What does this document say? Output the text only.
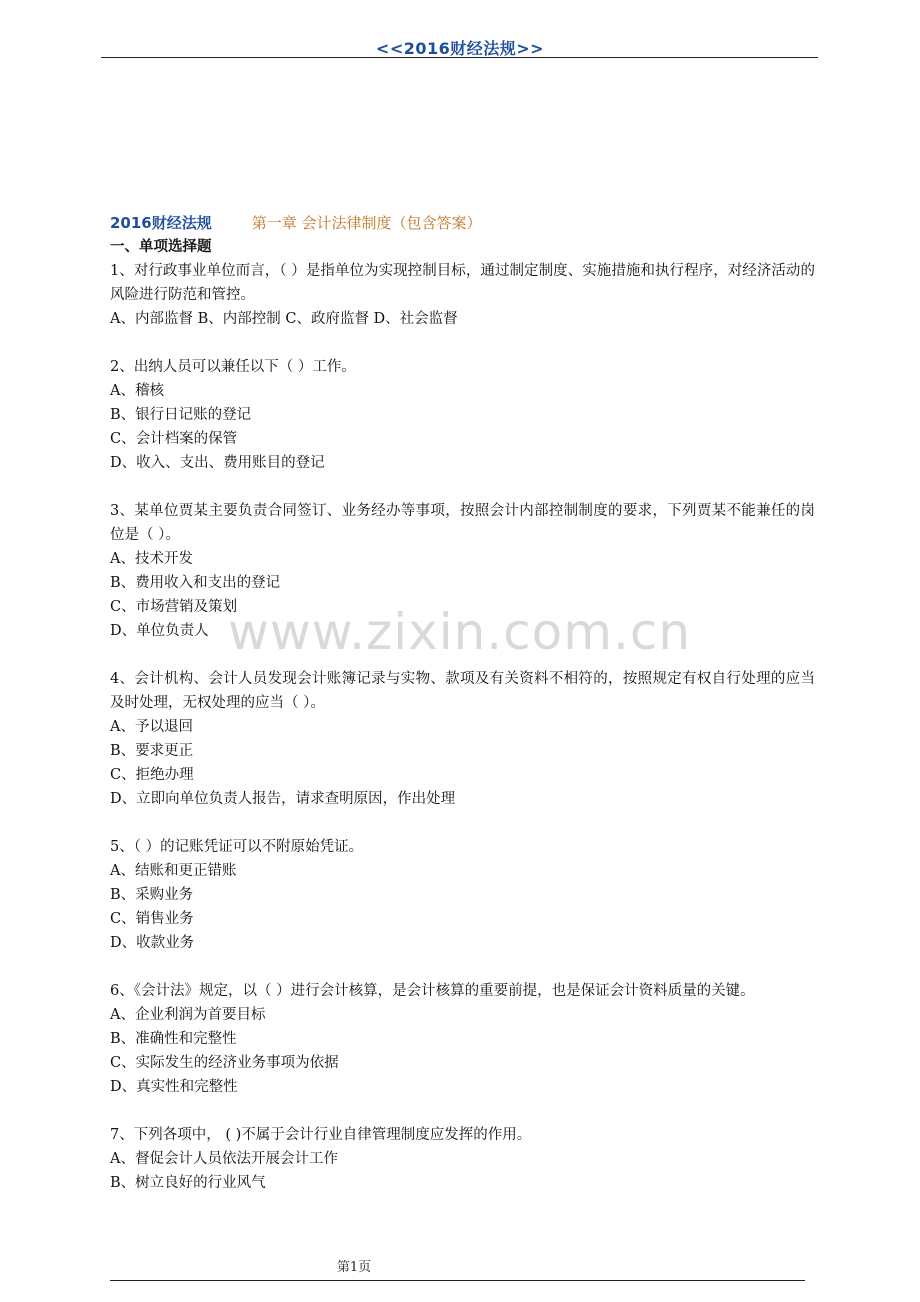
<<2016财经法规>>
www.zixin.com.cn
2016财经法规	第一章 会计法律制度（包含答案）
一、单项选择题
1、对行政事业单位而言，（ ）是指单位为实现控制目标，通过制定制度、实施措施和执行程序，对经济活动的风险进行防范和管控。
A、内部监督 B、内部控制 C、政府监督 D、社会监督
2、出纳人员可以兼任以下（ ）工作。
A、稽核
B、银行日记账的登记
C、会计档案的保管
D、收入、支出、费用账目的登记
3、某单位贾某主要负责合同签订、业务经办等事项，按照会计内部控制制度的要求，下列贾某不能兼任的岗位是（ ）。
A、技术开发
B、费用收入和支出的登记
C、市场营销及策划
D、单位负责人
4、会计机构、会计人员发现会计账簿记录与实物、款项及有关资料不相符的，按照规定有权自行处理的应当及时处理，无权处理的应当（ ）。
A、予以退回
B、要求更正
C、拒绝办理
D、立即向单位负责人报告，请求查明原因，作出处理
5、（ ）的记账凭证可以不附原始凭证。
A、结账和更正错账
B、采购业务
C、销售业务
D、收款业务
6、《会计法》规定，以（ ）进行会计核算，是会计核算的重要前提，也是保证会计资料质量的关键。
A、企业利润为首要目标
B、准确性和完整性
C、实际发生的经济业务事项为依据
D、真实性和完整性
7、下列各项中， ( )不属于会计行业自律管理制度应发挥的作用。
A、督促会计人员依法开展会计工作
B、树立良好的行业风气
第1页
